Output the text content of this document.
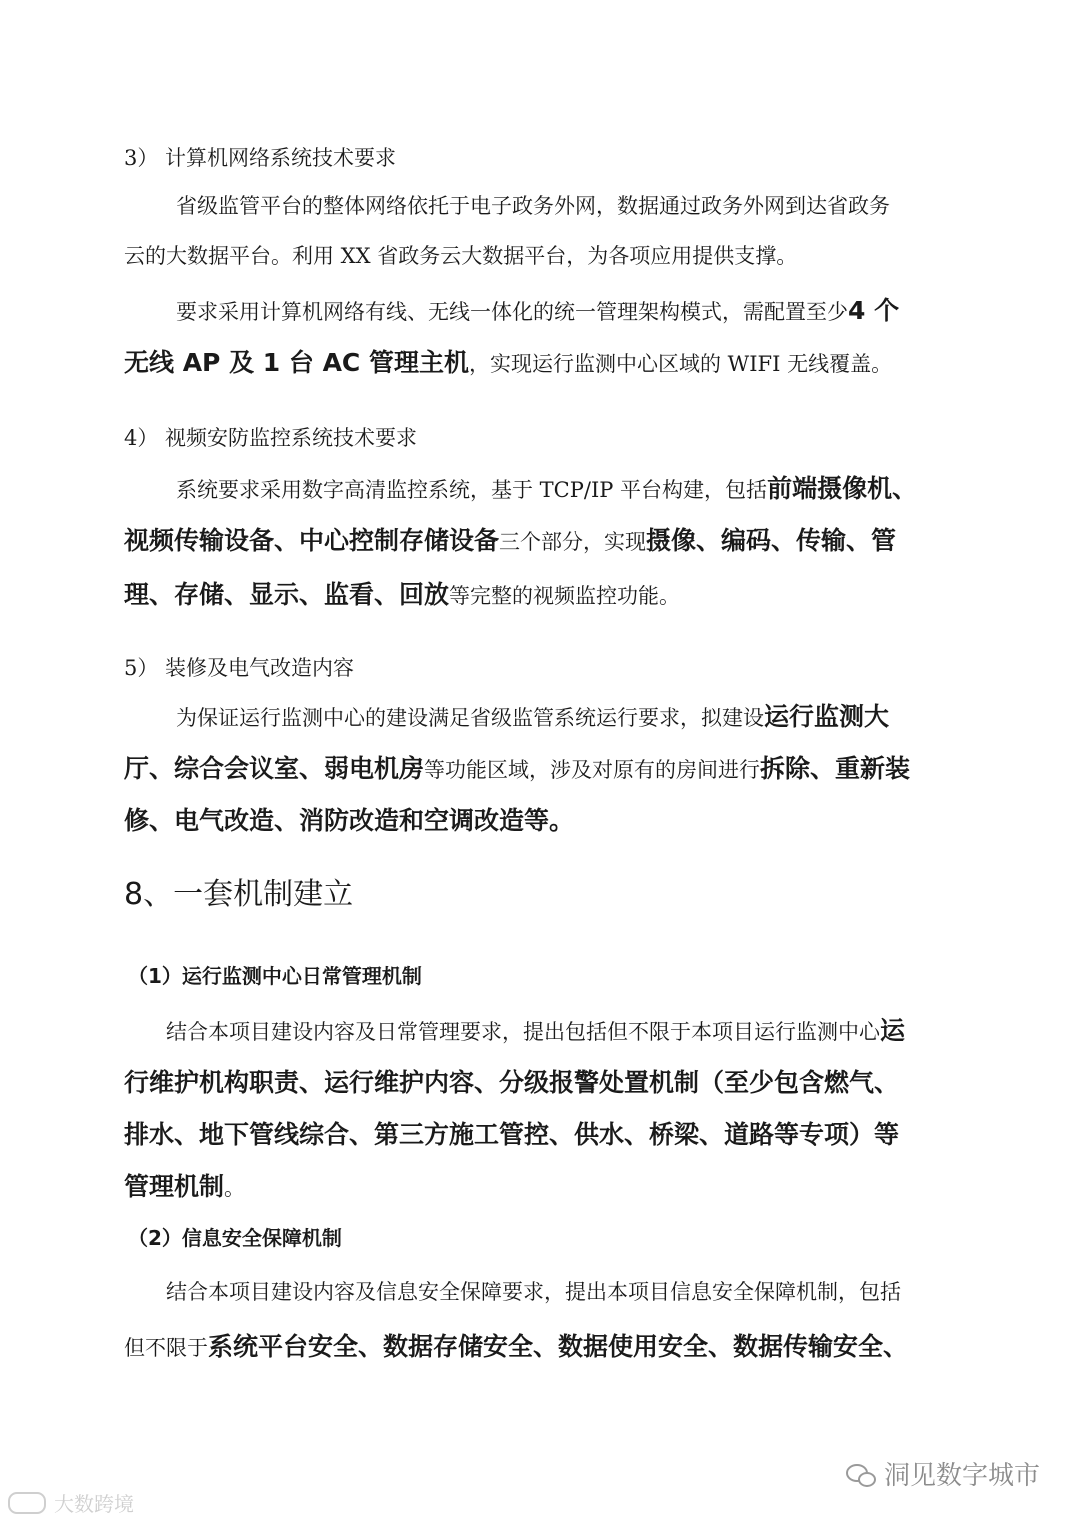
3） 计算机网络系统技术要求
省级监管平台的整体网络依托于电子政务外网，数据通过政务外网到达省政务
云的大数据平台。利用 XX 省政务云大数据平台，为各项应用提供支撑。
要求采用计算机网络有线、无线一体化的统一管理架构模式，需配置至少4 个
无线 AP 及 1 台 AC 管理主机，实现运行监测中心区域的 WIFI 无线覆盖。
4） 视频安防监控系统技术要求
系统要求采用数字高清监控系统，基于 TCP/IP 平台构建，包括前端摄像机、
视频传输设备、中心控制存储设备三个部分，实现摄像、编码、传输、管
理、存储、显示、监看、回放等完整的视频监控功能。
5） 装修及电气改造内容
为保证运行监测中心的建设满足省级监管系统运行要求，拟建设运行监测大
厅、综合会议室、弱电机房等功能区域，涉及对原有的房间进行拆除、重新装
修、电气改造、消防改造和空调改造等。
8、一套机制建立
（1）运行监测中心日常管理机制
结合本项目建设内容及日常管理要求，提出包括但不限于本项目运行监测中心运
行维护机构职责、运行维护内容、分级报警处置机制（至少包含燃气、
排水、地下管线综合、第三方施工管控、供水、桥梁、道路等专项）等
管理机制。
（2）信息安全保障机制
结合本项目建设内容及信息安全保障要求，提出本项目信息安全保障机制，包括
但不限于系统平台安全、数据存储安全、数据使用安全、数据传输安全、
洞见数字城市
大数跨境
